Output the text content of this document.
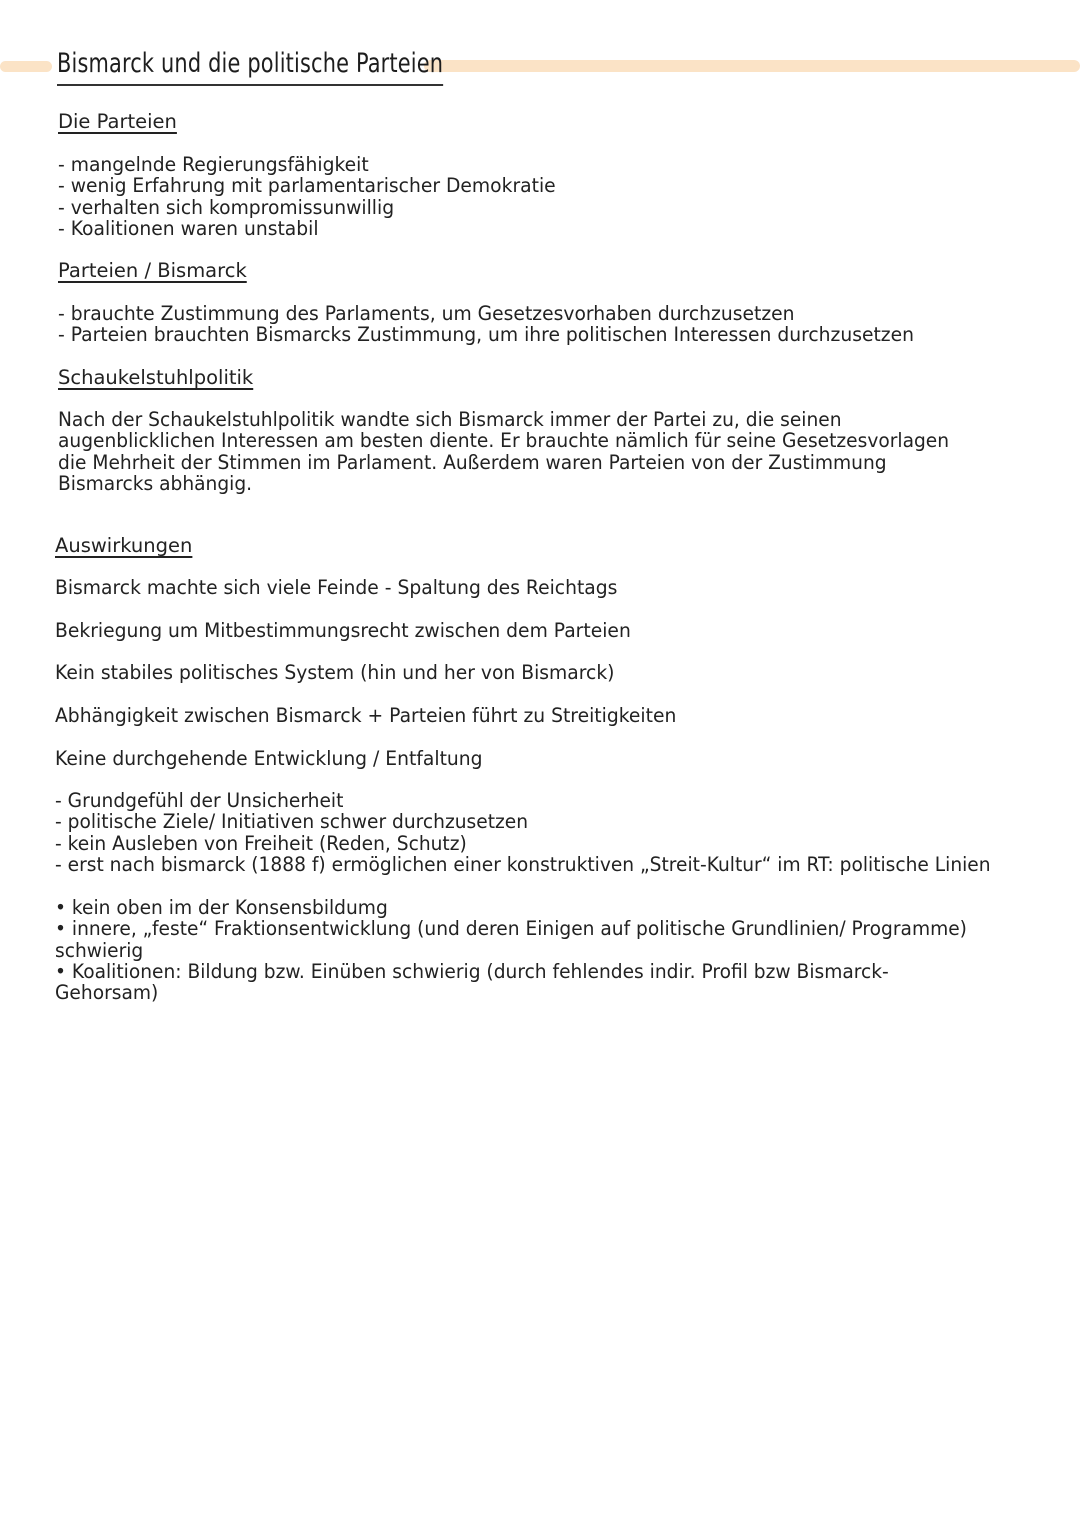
Bismarck und die politische Parteien
Die Parteien
- mangelnde Regierungsfähigkeit
- wenig Erfahrung mit parlamentarischer Demokratie
- verhalten sich kompromissunwillig
- Koalitionen waren unstabil
Parteien / Bismarck
- brauchte Zustimmung des Parlaments, um Gesetzesvorhaben durchzusetzen
- Parteien brauchten Bismarcks Zustimmung, um ihre politischen Interessen durchzusetzen
Schaukelstuhlpolitik
Nach der Schaukelstuhlpolitik wandte sich Bismarck immer der Partei zu, die seinen
augenblicklichen Interessen am besten diente. Er brauchte nämlich für seine Gesetzesvorlagen
die Mehrheit der Stimmen im Parlament. Außerdem waren Parteien von der Zustimmung
Bismarcks abhängig.
Auswirkungen
Bismarck machte sich viele Feinde - Spaltung des Reichtags
Bekriegung um Mitbestimmungsrecht zwischen dem Parteien
Kein stabiles politisches System (hin und her von Bismarck)
Abhängigkeit zwischen Bismarck + Parteien führt zu Streitigkeiten
Keine durchgehende Entwicklung / Entfaltung
- Grundgefühl der Unsicherheit
- politische Ziele/ Initiativen schwer durchzusetzen
- kein Ausleben von Freiheit (Reden, Schutz)
- erst nach bismarck (1888 f) ermöglichen einer konstruktiven „Streit-Kultur“ im RT: politische Linien
• kein oben im der Konsensbildumg
• innere, „feste“ Fraktionsentwicklung (und deren Einigen auf politische Grundlinien/ Programme)
schwierig
• Koalitionen: Bildung bzw. Einüben schwierig (durch fehlendes indir. Profil bzw Bismarck-
Gehorsam)
